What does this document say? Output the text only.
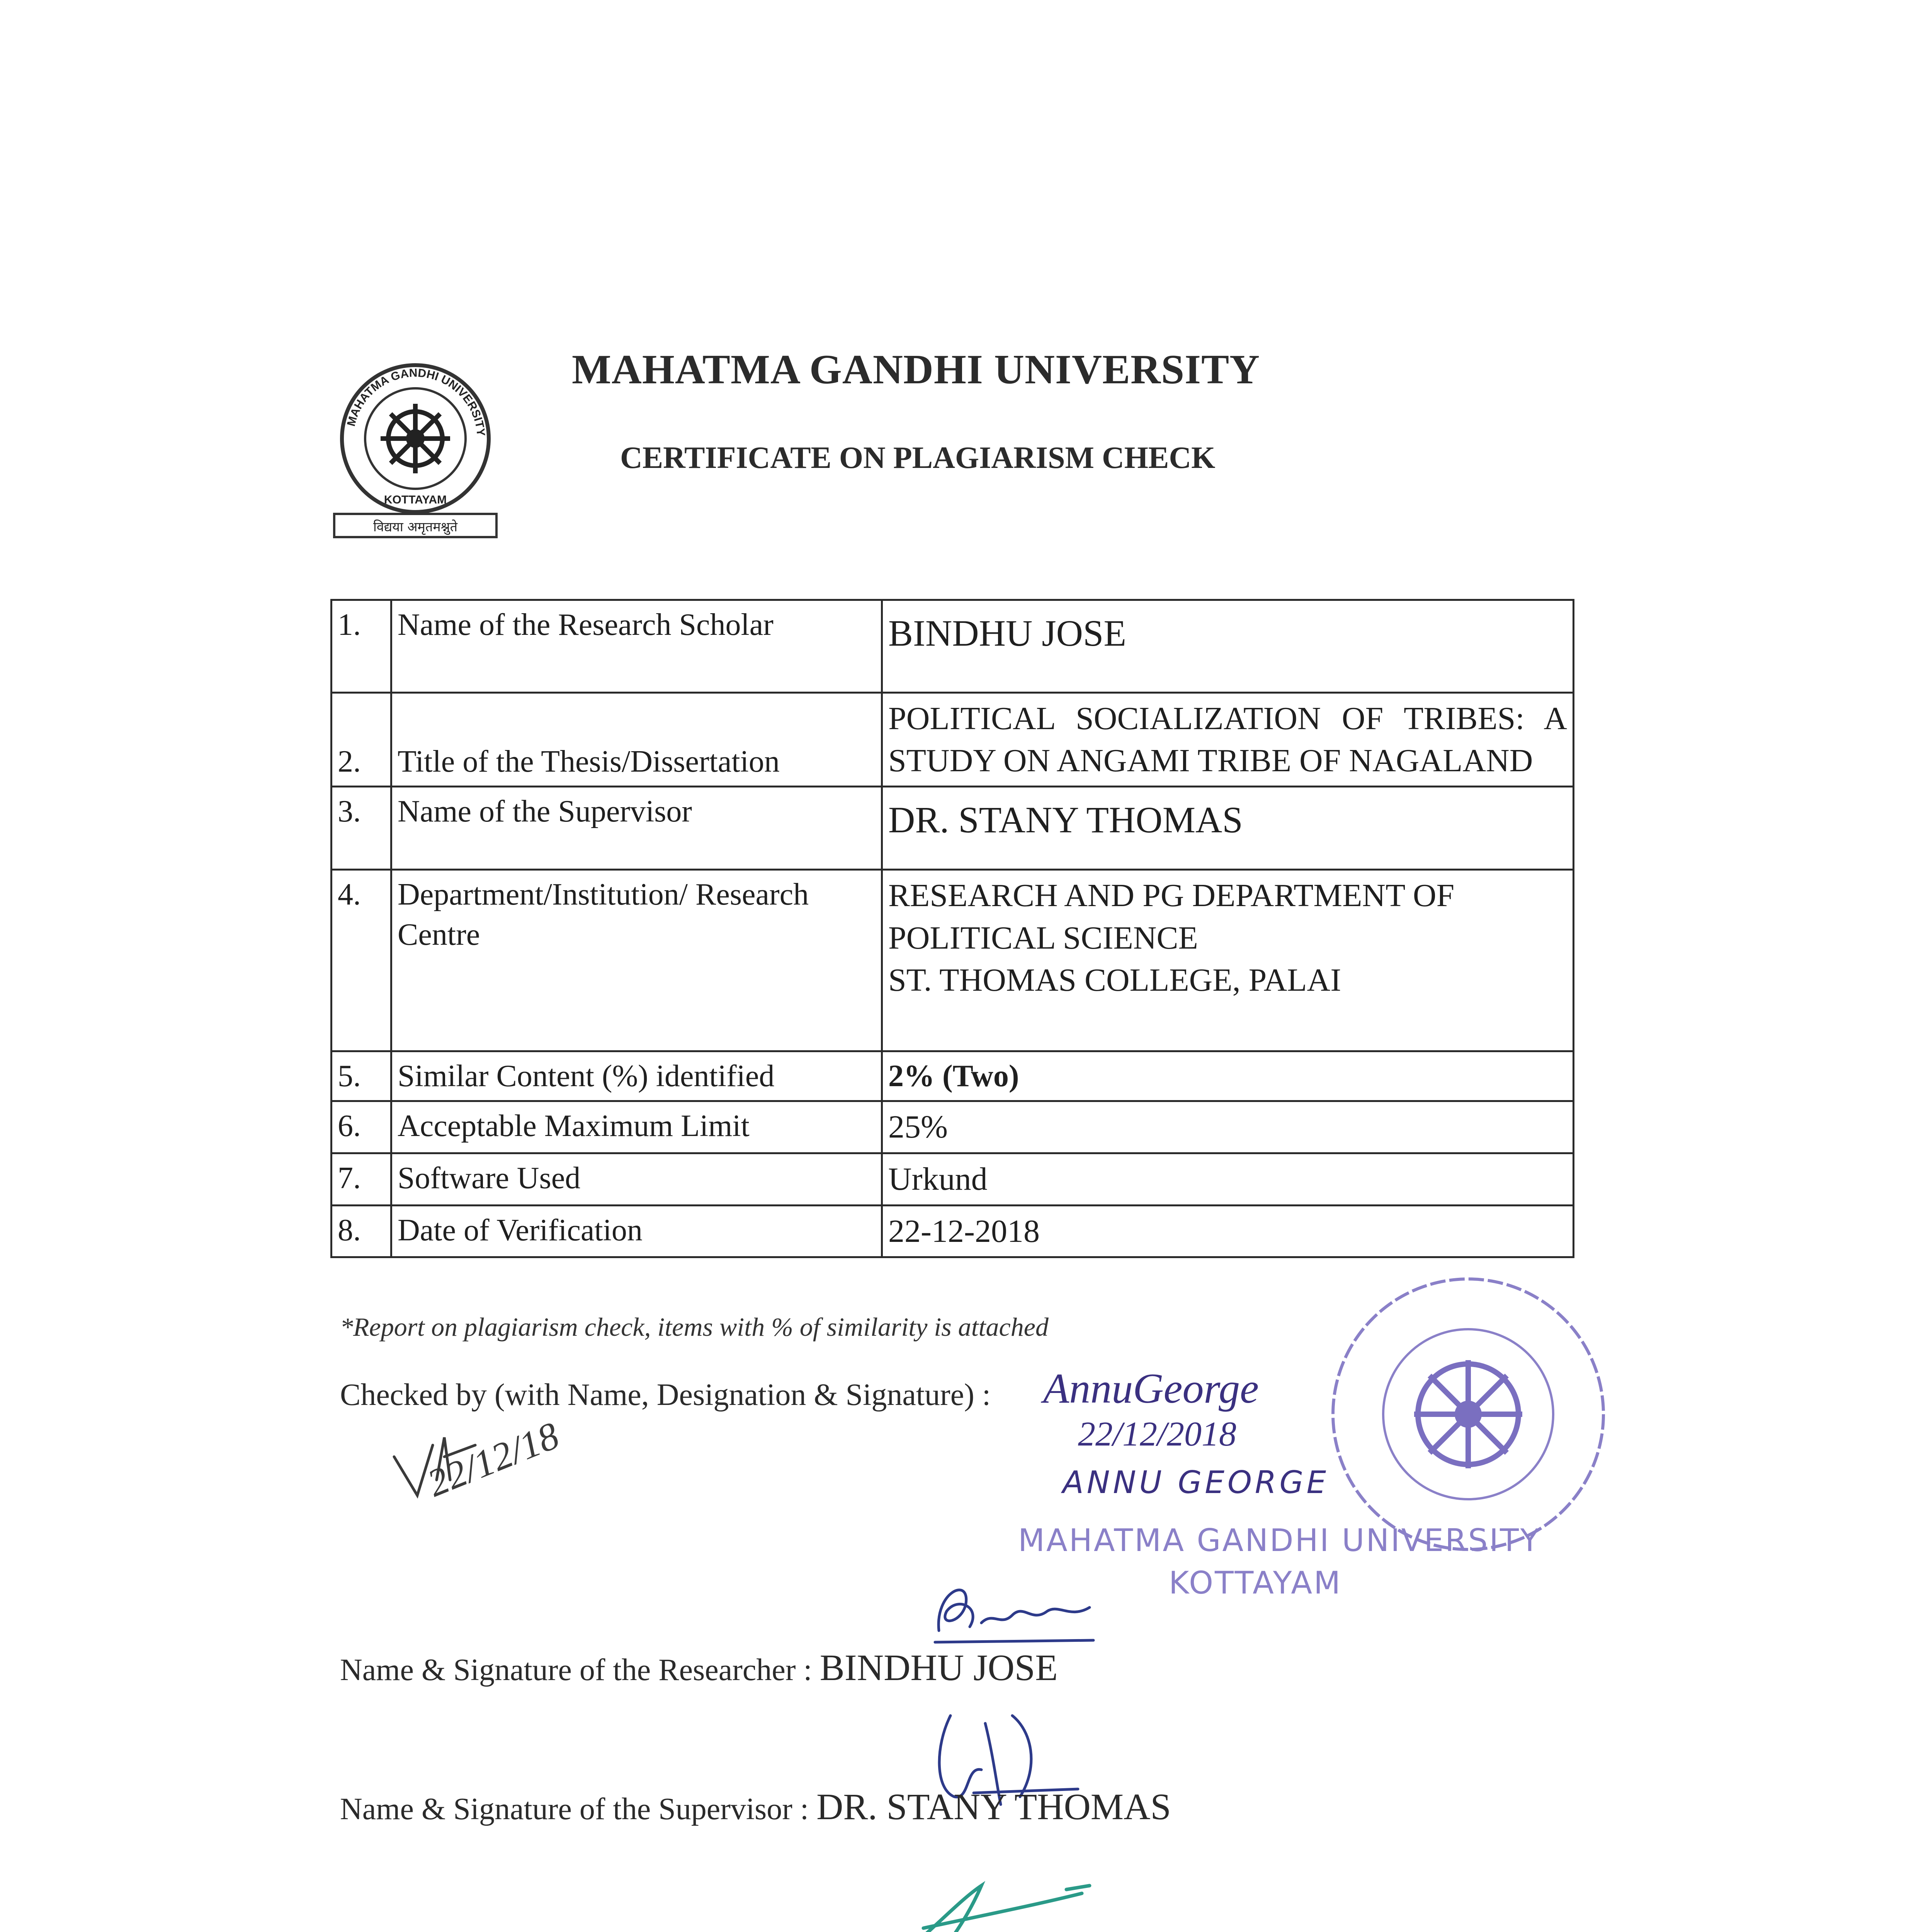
MAHATMA GANDHI UNIVERSITY
KOTTAYAM
विद्यया अमृतमश्नुते
MAHATMA GANDHI UNIVERSITY
CERTIFICATE ON PLAGIARISM CHECK
1.	Name of the Research Scholar	BINDHU JOSE
2.	Title of the Thesis/Dissertation	POLITICAL SOCIALIZATION OF TRIBES: A STUDY ON ANGAMI TRIBE OF NAGALAND
3.	Name of the Supervisor	DR. STANY THOMAS
4.	Department/Institution/ Research Centre	RESEARCH AND PG DEPARTMENT OF
POLITICAL SCIENCE
ST. THOMAS COLLEGE, PALAI

5.	Similar Content (%) identified	2% (Two)
6.	Acceptable Maximum Limit	25%
7.	Software Used	Urkund
8.	Date of Verification	22-12-2018
*Report on plagiarism check, items with % of similarity is attached
Checked by (with Name, Designation & Signature) : AnnuGeorge
22/12/2018
ANNU GEORGE
22/12/18
MAHATMA GANDHI UNIVERSITY
KOTTAYAM
Name & Signature of the Researcher : BINDHU JOSE
Name & Signature of the Supervisor : DR. STANY THOMAS
